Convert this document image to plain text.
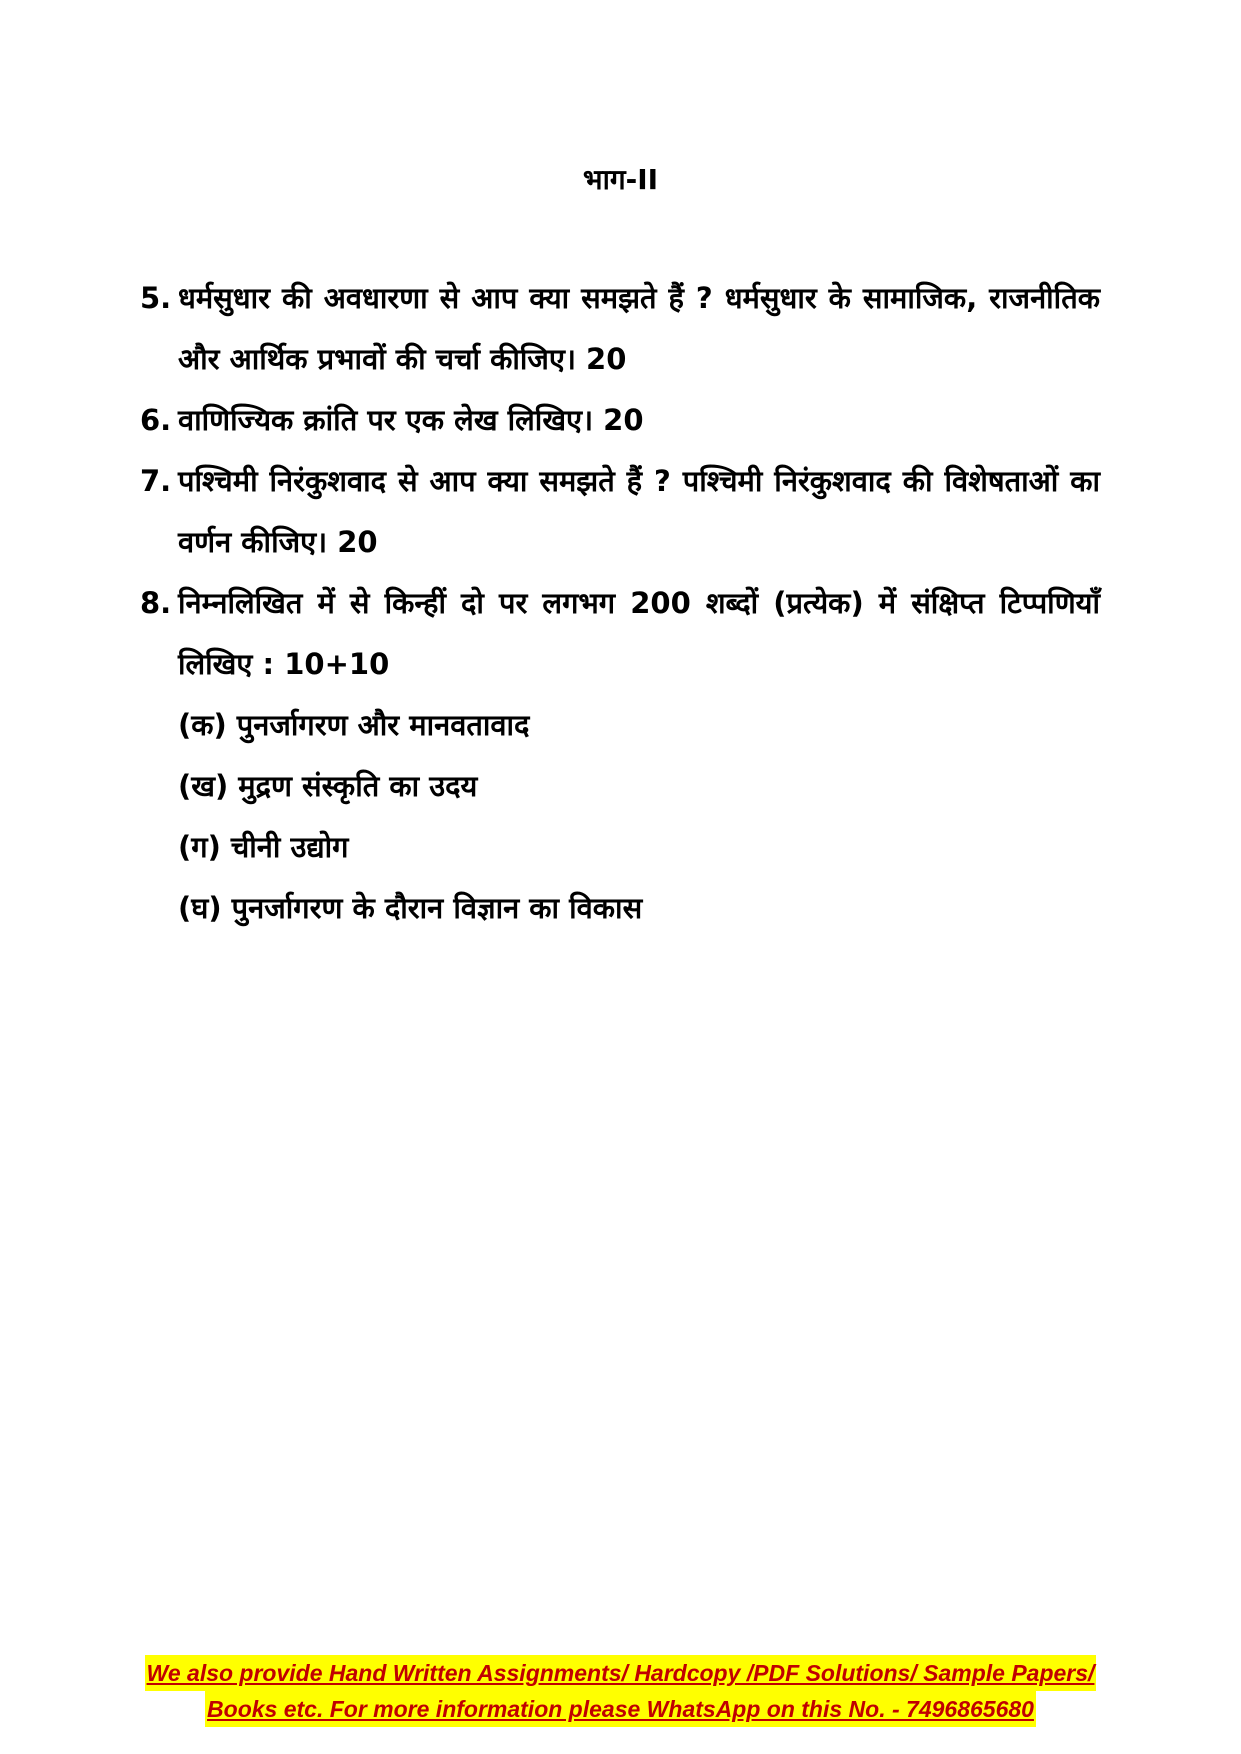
भाग-II
5. धर्मसुधार की अवधारणा से आप क्या समझते हैं ? धर्मसुधार के सामाजिक, राजनीतिक और आर्थिक प्रभावों की चर्चा कीजिए। 20
6. वाणिज्यिक क्रांति पर एक लेख लिखिए। 20
7. पश्चिमी निरंकुशवाद से आप क्या समझते हैं ? पश्चिमी निरंकुशवाद की विशेषताओं का वर्णन कीजिए। 20
8. निम्नलिखित में से किन्हीं दो पर लगभग 200 शब्दों (प्रत्येक) में संक्षिप्त टिप्पणियाँ लिखिए : 10+10
(क) पुनर्जागरण और मानवतावाद
(ख) मुद्रण संस्कृति का उदय
(ग) चीनी उद्योग
(घ) पुनर्जागरण के दौरान विज्ञान का विकास
We also provide Hand Written Assignments/ Hardcopy /PDF Solutions/ Sample Papers/
Books etc. For more information please WhatsApp on this No. - 7496865680
